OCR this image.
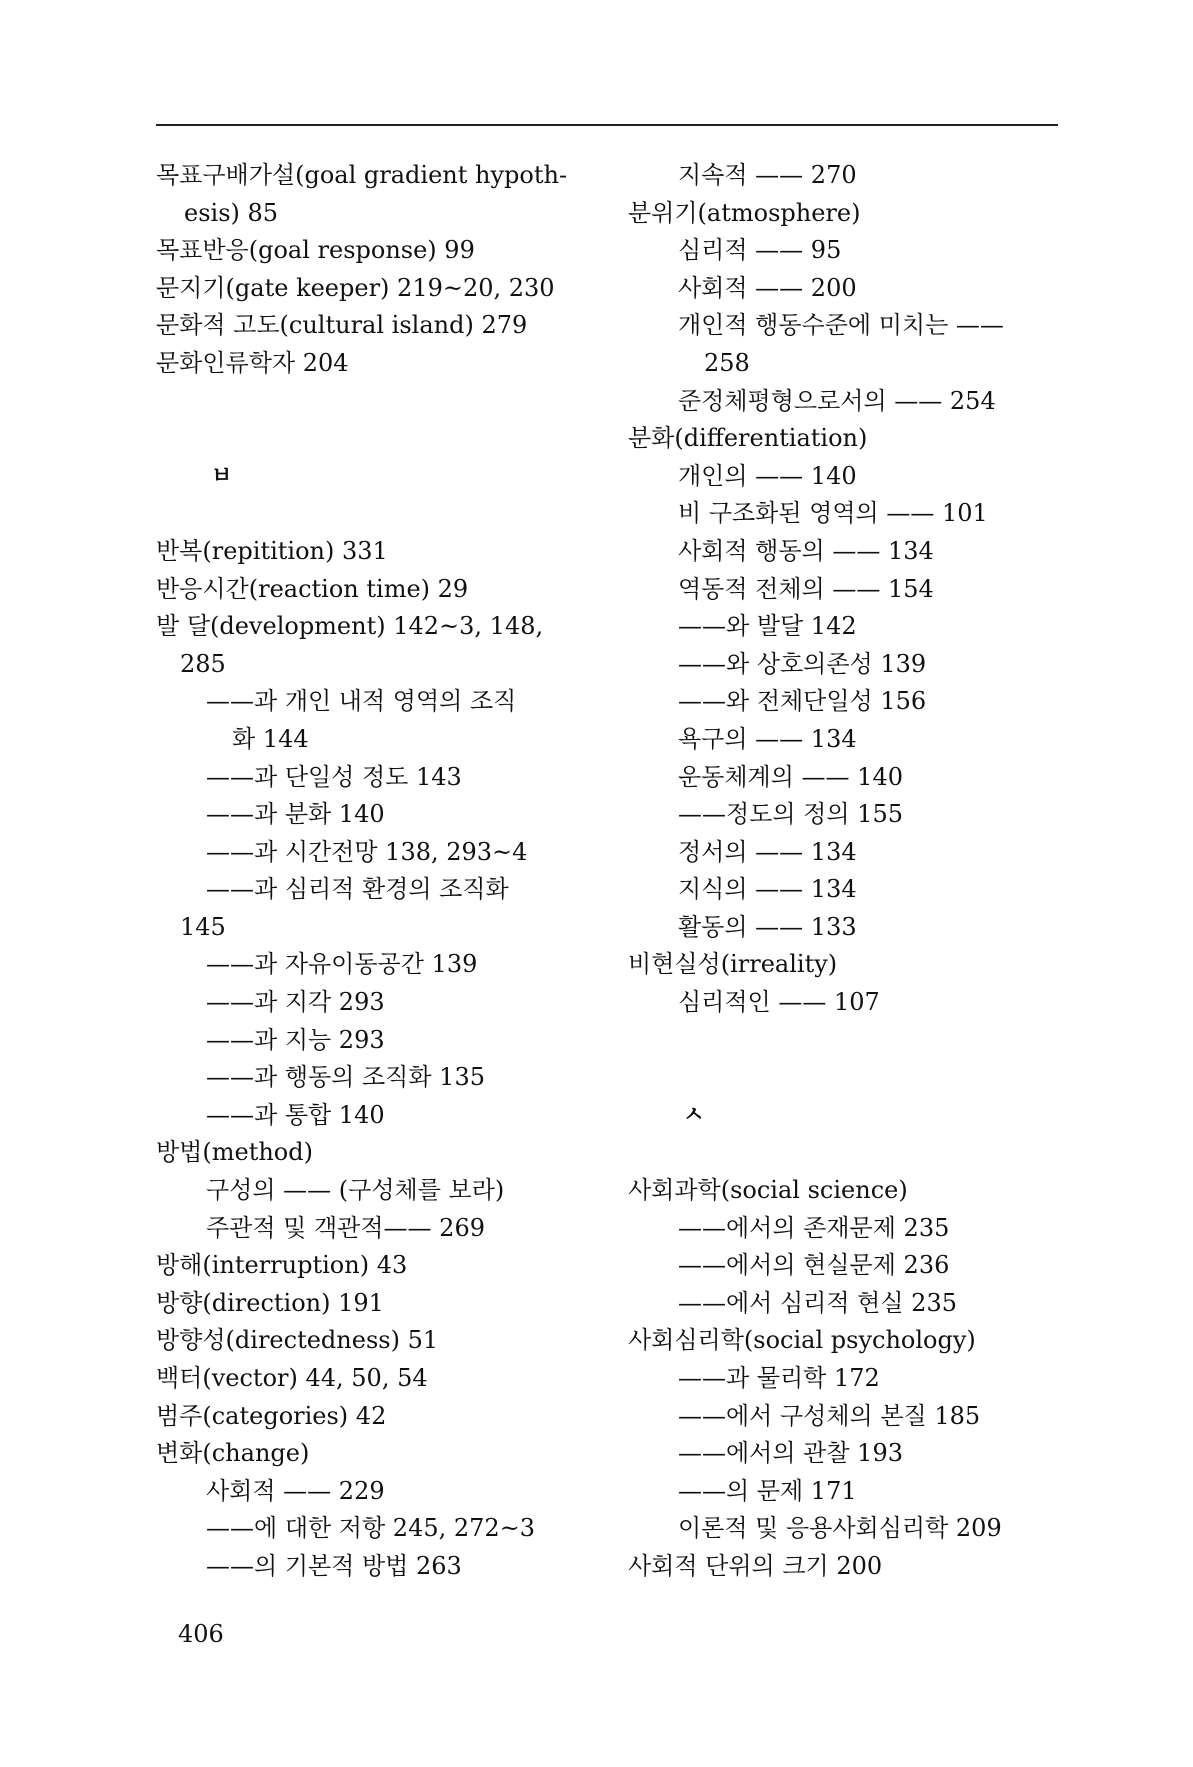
목표구배가설(goal gradient hypoth-
esis) 85
목표반응(goal response) 99
문지기(gate keeper) 219~20, 230
문화적 고도(cultural island) 279
문화인류학자 204
ㅂ
반복(repitition) 331
반응시간(reaction time) 29
발 달(development) 142~3, 148,
285
——과 개인 내적 영역의 조직
화 144
——과 단일성 정도 143
——과 분화 140
——과 시간전망 138, 293~4
——과 심리적 환경의 조직화
145
——과 자유이동공간 139
——과 지각 293
——과 지능 293
——과 행동의 조직화 135
——과 통합 140
방법(method)
구성의 —— (구성체를 보라)
주관적 및 객관적—— 269
방해(interruption) 43
방향(direction) 191
방향성(directedness) 51
백터(vector) 44, 50, 54
범주(categories) 42
변화(change)
사회적 —— 229
——에 대한 저항 245, 272~3
——의 기본적 방법 263
지속적 —— 270
분위기(atmosphere)
심리적 —— 95
사회적 —— 200
개인적 행동수준에 미치는 ——
258
준정체평형으로서의 —— 254
분화(differentiation)
개인의 —— 140
비 구조화된 영역의 —— 101
사회적 행동의 —— 134
역동적 전체의 —— 154
——와 발달 142
——와 상호의존성 139
——와 전체단일성 156
욕구의 —— 134
운동체계의 —— 140
——정도의 정의 155
정서의 —— 134
지식의 —— 134
활동의 —— 133
비현실성(irreality)
심리적인 —— 107
ㅅ
사회과학(social science)
——에서의 존재문제 235
——에서의 현실문제 236
——에서 심리적 현실 235
사회심리학(social psychology)
——과 물리학 172
——에서 구성체의 본질 185
——에서의 관찰 193
——의 문제 171
이론적 및 응용사회심리학 209
사회적 단위의 크기 200
406
